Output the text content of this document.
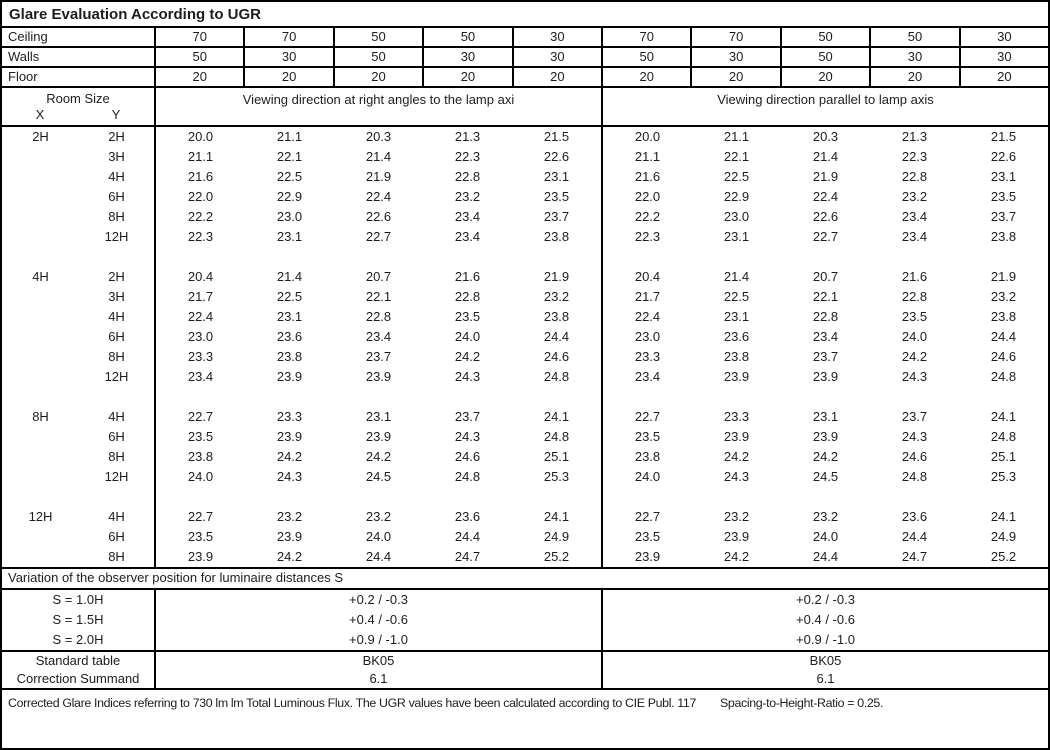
Glare Evaluation According to UGR
Ceiling	70	70	50	50	30	70	70	50	50	30
Walls	50	30	50	30	30	50	30	50	30	30
Floor	20	20	20	20	20	20	20	20	20	20
Room Size
X	Y
Viewing direction at right angles to the lamp axi	Viewing direction parallel to lamp axis
2H	2H	20.0	21.1	20.3	21.3	21.5	20.0	21.1	20.3	21.3	21.5
3H	21.1	22.1	21.4	22.3	22.6	21.1	22.1	21.4	22.3	22.6
4H	21.6	22.5	21.9	22.8	23.1	21.6	22.5	21.9	22.8	23.1
6H	22.0	22.9	22.4	23.2	23.5	22.0	22.9	22.4	23.2	23.5
8H	22.2	23.0	22.6	23.4	23.7	22.2	23.0	22.6	23.4	23.7
12H	22.3	23.1	22.7	23.4	23.8	22.3	23.1	22.7	23.4	23.8
4H	2H	20.4	21.4	20.7	21.6	21.9	20.4	21.4	20.7	21.6	21.9
3H	21.7	22.5	22.1	22.8	23.2	21.7	22.5	22.1	22.8	23.2
4H	22.4	23.1	22.8	23.5	23.8	22.4	23.1	22.8	23.5	23.8
6H	23.0	23.6	23.4	24.0	24.4	23.0	23.6	23.4	24.0	24.4
8H	23.3	23.8	23.7	24.2	24.6	23.3	23.8	23.7	24.2	24.6
12H	23.4	23.9	23.9	24.3	24.8	23.4	23.9	23.9	24.3	24.8
8H	4H	22.7	23.3	23.1	23.7	24.1	22.7	23.3	23.1	23.7	24.1
6H	23.5	23.9	23.9	24.3	24.8	23.5	23.9	23.9	24.3	24.8
8H	23.8	24.2	24.2	24.6	25.1	23.8	24.2	24.2	24.6	25.1
12H	24.0	24.3	24.5	24.8	25.3	24.0	24.3	24.5	24.8	25.3
12H	4H	22.7	23.2	23.2	23.6	24.1	22.7	23.2	23.2	23.6	24.1
6H	23.5	23.9	24.0	24.4	24.9	23.5	23.9	24.0	24.4	24.9
8H	23.9	24.2	24.4	24.7	25.2	23.9	24.2	24.4	24.7	25.2
Variation of the observer position for luminaire distances S
S = 1.0H	+0.2 / -0.3	+0.2 / -0.3
S = 1.5H	+0.4 / -0.6	+0.4 / -0.6
S = 2.0H	+0.9 / -1.0	+0.9 / -1.0
Standard table	BK05	BK05
Correction Summand	6.1	6.1
Corrected Glare Indices referring to 730 lm lm Total Luminous Flux. The UGR values have been calculated according to CIE Publ. 117 Spacing-to-Height-Ratio = 0.25.
